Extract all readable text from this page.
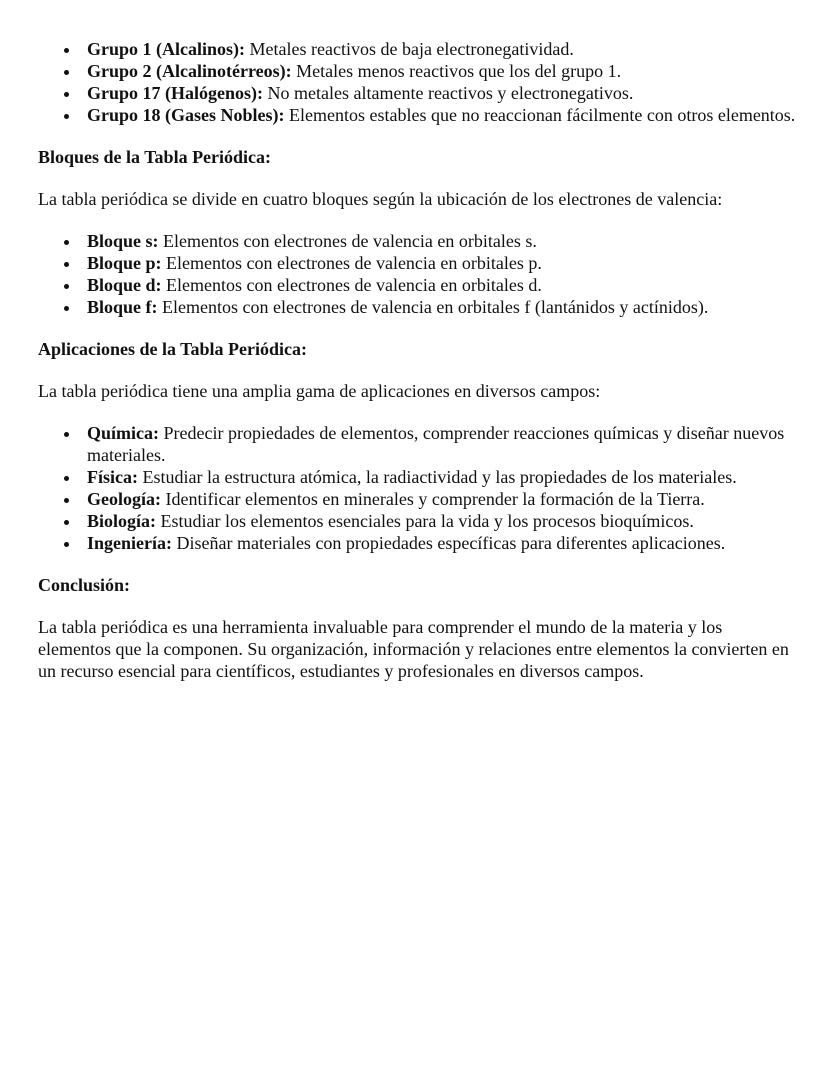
Grupo 1 (Alcalinos): Metales reactivos de baja electronegatividad.
Grupo 2 (Alcalinotérreos): Metales menos reactivos que los del grupo 1.
Grupo 17 (Halógenos): No metales altamente reactivos y electronegativos.
Grupo 18 (Gases Nobles): Elementos estables que no reaccionan fácilmente con otros elementos.

Bloques de la Tabla Periódica:

La tabla periódica se divide en cuatro bloques según la ubicación de los electrones de valencia:

Bloque s: Elementos con electrones de valencia en orbitales s.
Bloque p: Elementos con electrones de valencia en orbitales p.
Bloque d: Elementos con electrones de valencia en orbitales d.
Bloque f: Elementos con electrones de valencia en orbitales f (lantánidos y actínidos).

Aplicaciones de la Tabla Periódica:

La tabla periódica tiene una amplia gama de aplicaciones en diversos campos:

Química: Predecir propiedades de elementos, comprender reacciones químicas y diseñar nuevos materiales.
Física: Estudiar la estructura atómica, la radiactividad y las propiedades de los materiales.
Geología: Identificar elementos en minerales y comprender la formación de la Tierra.
Biología: Estudiar los elementos esenciales para la vida y los procesos bioquímicos.
Ingeniería: Diseñar materiales con propiedades específicas para diferentes aplicaciones.

Conclusión:

La tabla periódica es una herramienta invaluable para comprender el mundo de la materia y los elementos que la componen. Su organización, información y relaciones entre elementos la convierten en un recurso esencial para científicos, estudiantes y profesionales en diversos campos.
